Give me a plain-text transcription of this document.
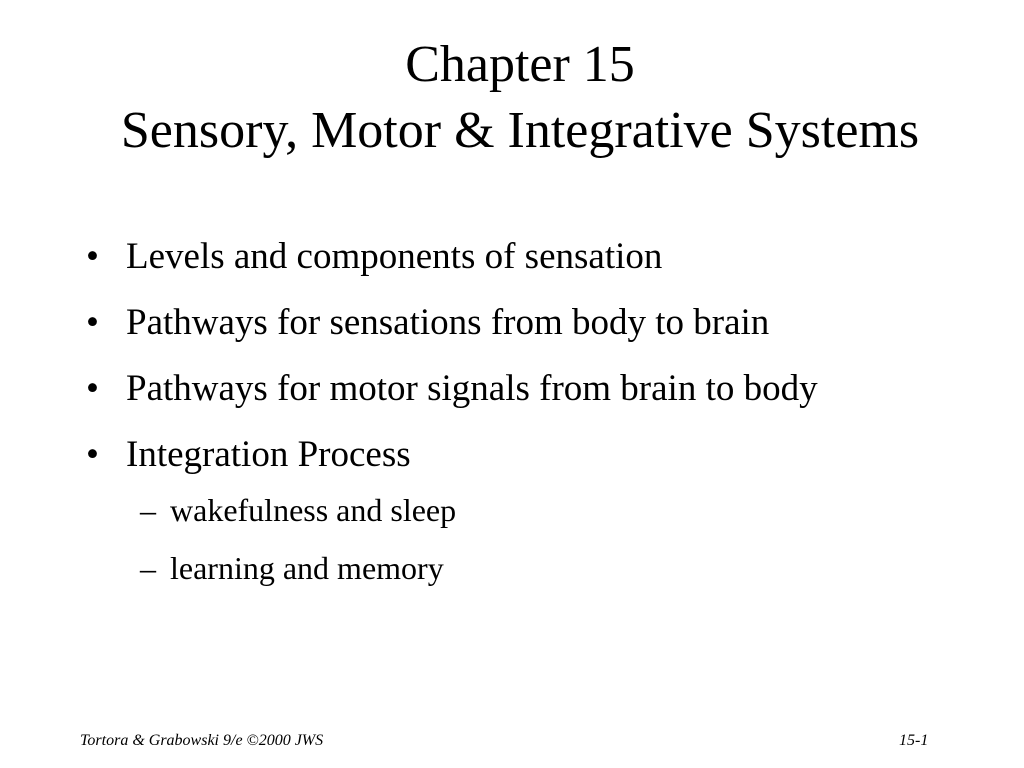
Chapter 15
Sensory, Motor & Integrative Systems
• Levels and components of sensation
• Pathways for sensations from body to brain
• Pathways for motor signals from brain to body
• Integration Process
– wakefulness and sleep
– learning and memory
Tortora & Grabowski 9/e ©2000 JWS	15-1
